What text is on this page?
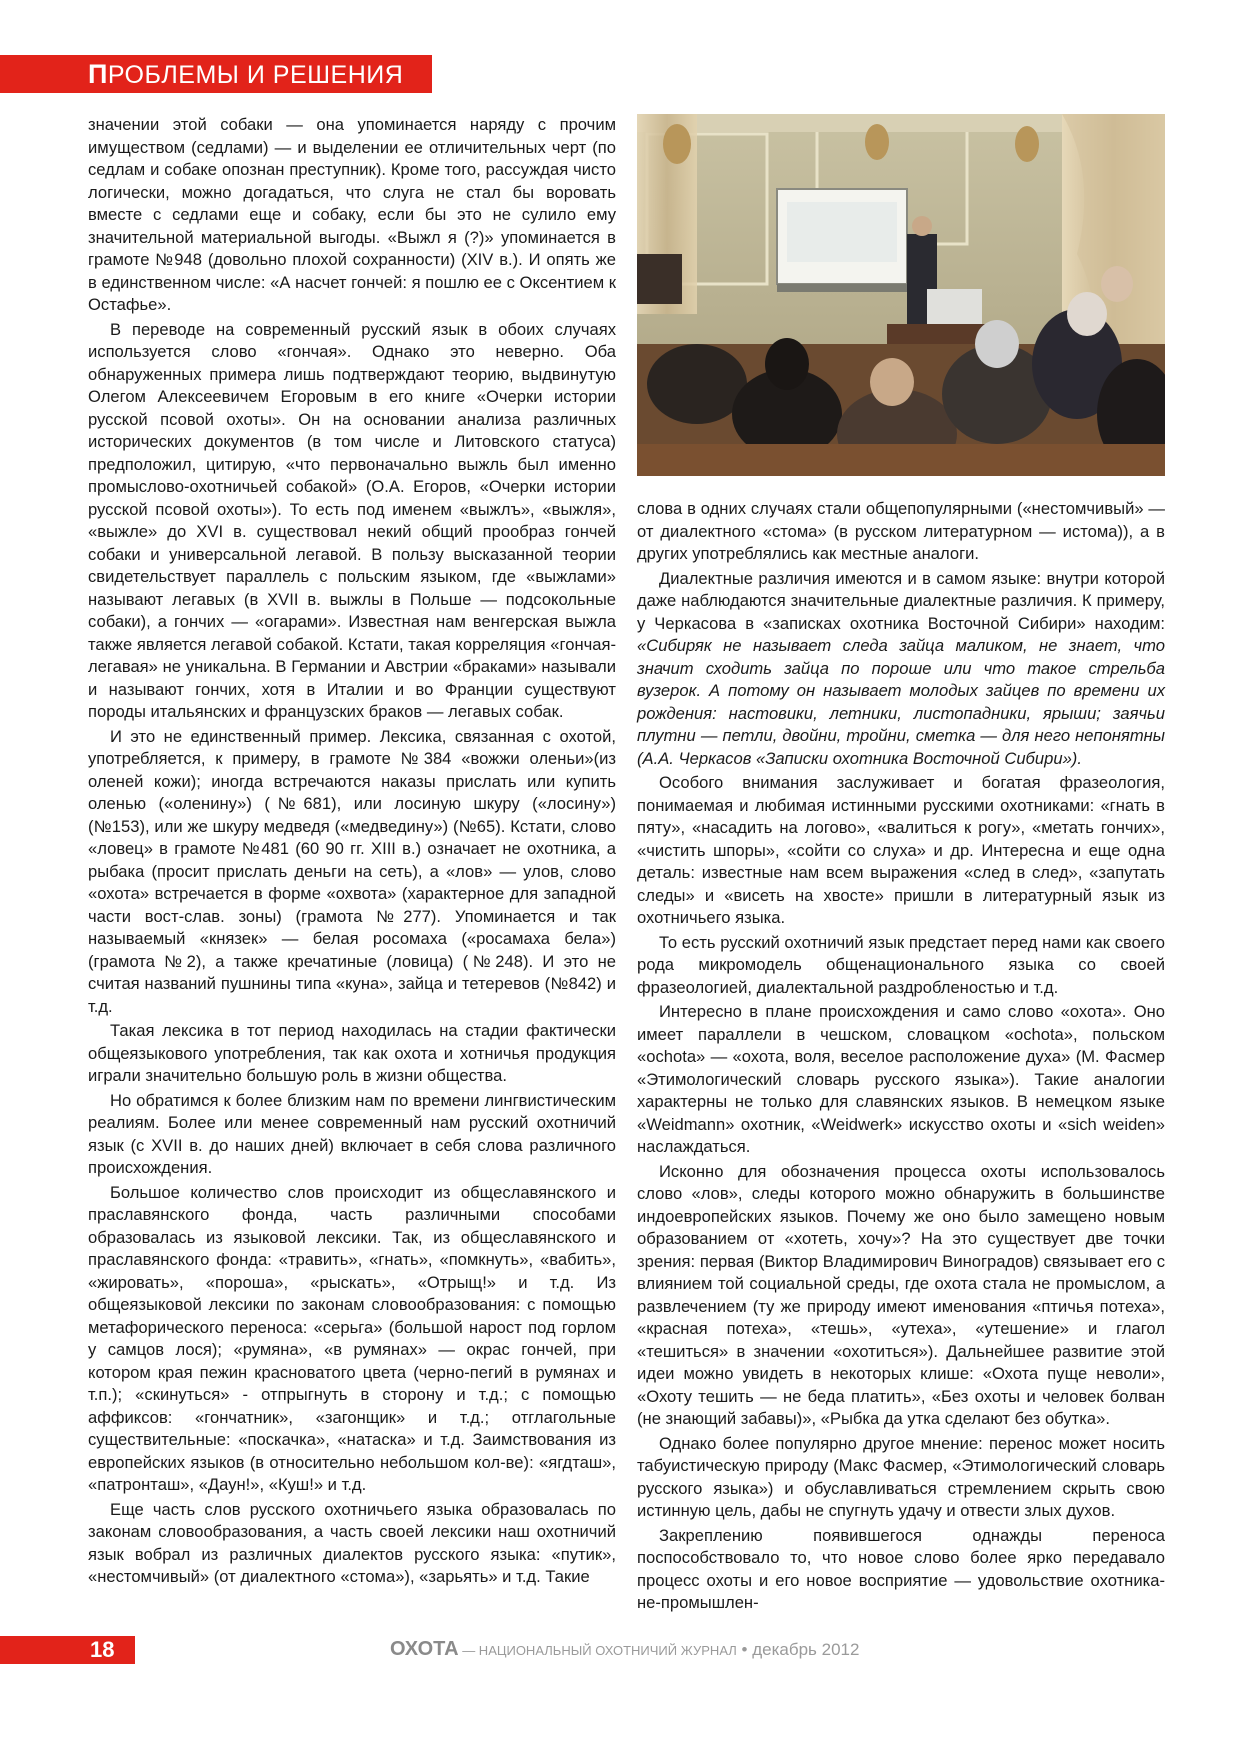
ПРОБЛЕМЫ И РЕШЕНИЯ

значении этой собаки — она упоминается наряду с прочим имуществом (седлами) — и выделении ее отличительных черт (по седлам и собаке опознан преступник). Кроме того, рассуждая чисто логически, можно догадаться, что слуга не стал бы воровать вместе с седлами еще и собаку, если бы это не сулило ему значительной материальной выгоды. «Выжл я (?)» упоминается в грамоте №948 (довольно плохой сохранности) (XIV в.). И опять же в единственном числе: «А насчет гончей: я пошлю ее с Оксентием к Остафье».

В переводе на современный русский язык в обоих случаях используется слово «гончая». Однако это неверно. Оба обнаруженных примера лишь подтверждают теорию, выдвинутую Олегом Алексеевичем Егоровым в его книге «Очерки истории русской псовой охоты». Он на основании анализа различных исторических документов (в том числе и Литовского статуса) предположил, цитирую, «что первоначально выжль был именно промыслово-охотничьей собакой» (О.А. Егоров, «Очерки истории русской псовой охоты»). То есть под именем «выжлъ», «выжля», «выжле» до XVI в. существовал некий общий прообраз гончей собаки и универсальной легавой. В пользу высказанной теории свидетельствует параллель с польским языком, где «выжлами» называют легавых (в XVII в. выжлы в Польше — подсокольные собаки), а гончих — «огарами». Известная нам венгерская выжла также является легавой собакой. Кстати, такая корреляция «гончая-легавая» не уникальна. В Германии и Австрии «браками» называли и называют гончих, хотя в Италии и во Франции существуют породы итальянских и французских браков — легавых собак.

И это не единственный пример. Лексика, связанная с охотой, употребляется, к примеру, в грамоте №384 «вожжи оленьи»(из оленей кожи); иногда встречаются наказы прислать или купить оленью («оленину») (№681), или лосиную шкуру («лосину») (№153), или же шкуру медведя («медведину») (№65). Кстати, слово «ловец» в грамоте №481 (60 90 гг. XIII в.) означает не охотника, а рыбака (просит прислать деньги на сеть), а «лов» — улов, слово «охота» встречается в форме «охвота» (характерное для западной части вост-слав. зоны) (грамота №277). Упоминается и так называемый «князек» — белая росомаха («росамаха бела») (грамота №2), а также кречатиные (ловица) (№248). И это не считая названий пушнины типа «куна», зайца и тетеревов (№842) и т.д.

Такая лексика в тот период находилась на стадии фактически общеязыкового употребления, так как охота и хотничья продукция играли значительно большую роль в жизни общества.

Но обратимся к более близким нам по времени лингвистическим реалиям. Более или менее современный нам русский охотничий язык (с XVII в. до наших дней) включает в себя слова различного происхождения.

Большое количество слов происходит из общеславянского и праславянского фонда, часть различными способами образовалась из языковой лексики. Так, из общеславянского и праславянского фонда: «травить», «гнать», «помкнуть», «вабить», «жировать», «пороша», «рыскать», «Отрыщ!» и т.д. Из общеязыковой лексики по законам словообразования: с помощью метафорического переноса: «серьга» (большой нарост под горлом у самцов лося); «румяна», «в румянах» — окрас гончей, при котором края пежин красноватого цвета (черно-пегий в румянах и т.п.); «скинуться» - отпрыгнуть в сторону и т.д.; с помощью аффиксов: «гончатник», «загонщик» и т.д.; отглагольные существительные: «поскачка», «натаска» и т.д. Заимствования из европейских языков (в относительно небольшом кол-ве): «ягдташ», «патронташ», «Даун!», «Куш!» и т.д.

Еще часть слов русского охотничьего языка образовалась по законам словообразования, а часть своей лексики наш охотничий язык вобрал из различных диалектов русского языка: «путик», «нестомчивый» (от диалектного «стома»), «зарьять» и т.д. Такие

слова в одних случаях стали общепопулярными («нестомчивый» — от диалектного «стома» (в русском литературном — истома)), а в других употреблялись как местные аналоги.

Диалектные различия имеются и в самом языке: внутри которой даже наблюдаются значительные диалектные различия. К примеру, у Черкасова в «записках охотника Восточной Сибири» находим: «Сибиряк не называет следа зайца маликом, не знает, что значит сходить зайца по пороше или что такое стрельба вузерок. А потому он называет молодых зайцев по времени их рождения: настовики, летники, листопадники, ярыши; заячьи плутни — петли, двойни, тройни, сметка — для него непонятны (А.А. Черкасов «Записки охотника Восточной Сибири»).

Особого внимания заслуживает и богатая фразеология, понимаемая и любимая истинными русскими охотниками: «гнать в пяту», «насадить на логово», «валиться к рогу», «метать гончих», «чистить шпоры», «сойти со слуха» и др. Интересна и еще одна деталь: известные нам всем выражения «след в след», «запутать следы» и «висеть на хвосте» пришли в литературный язык из охотничьего языка.

То есть русский охотничий язык предстает перед нами как своего рода микромодель общенационального языка со своей фразеологией, диалектальной раздробленостью и т.д.

Интересно в плане происхождения и само слово «охота». Оно имеет параллели в чешском, словацком «ochota», польском «ochota» — «охота, воля, веселое расположение духа» (М. Фасмер «Этимологический словарь русского языка»). Такие аналогии характерны не только для славянских языков. В немецком языке «Weidmann» охотник, «Weidwerk» искусство охоты и «sich weiden» наслаждаться.

Исконно для обозначения процесса охоты использовалось слово «лов», следы которого можно обнаружить в большинстве индоевропейских языков. Почему же оно было замещено новым образованием от «хотеть, хочу»? На это существует две точки зрения: первая (Виктор Владимирович Виноградов) связывает его с влиянием той социальной среды, где охота стала не промыслом, а развлечением (ту же природу имеют именования «птичья потеха», «красная потеха», «тешь», «утеха», «утешение» и глагол «тешиться» в значении «охотиться»). Дальнейшее развитие этой идеи можно увидеть в некоторых клише: «Охота пуще неволи», «Охоту тешить — не беда платить», «Без охоты и человек болван (не знающий забавы)», «Рыбка да утка сделают без обутка».

Однако более популярно другое мнение: перенос может носить табуистическую природу (Макс Фасмер, «Этимологический словарь русского языка») и обуславливаться стремлением скрыть свою истинную цель, дабы не спугнуть удачу и отвести злых духов.

Закреплению появившегося однажды переноса поспособствовало то, что новое слово более ярко передавало процесс охоты и его новое восприятие — удовольствие охотника-не-промышлен-

18	ОХОТА — НАЦИОНАЛЬНЫЙ ОХОТНИЧИЙ ЖУРНАЛ • декабрь 2012
